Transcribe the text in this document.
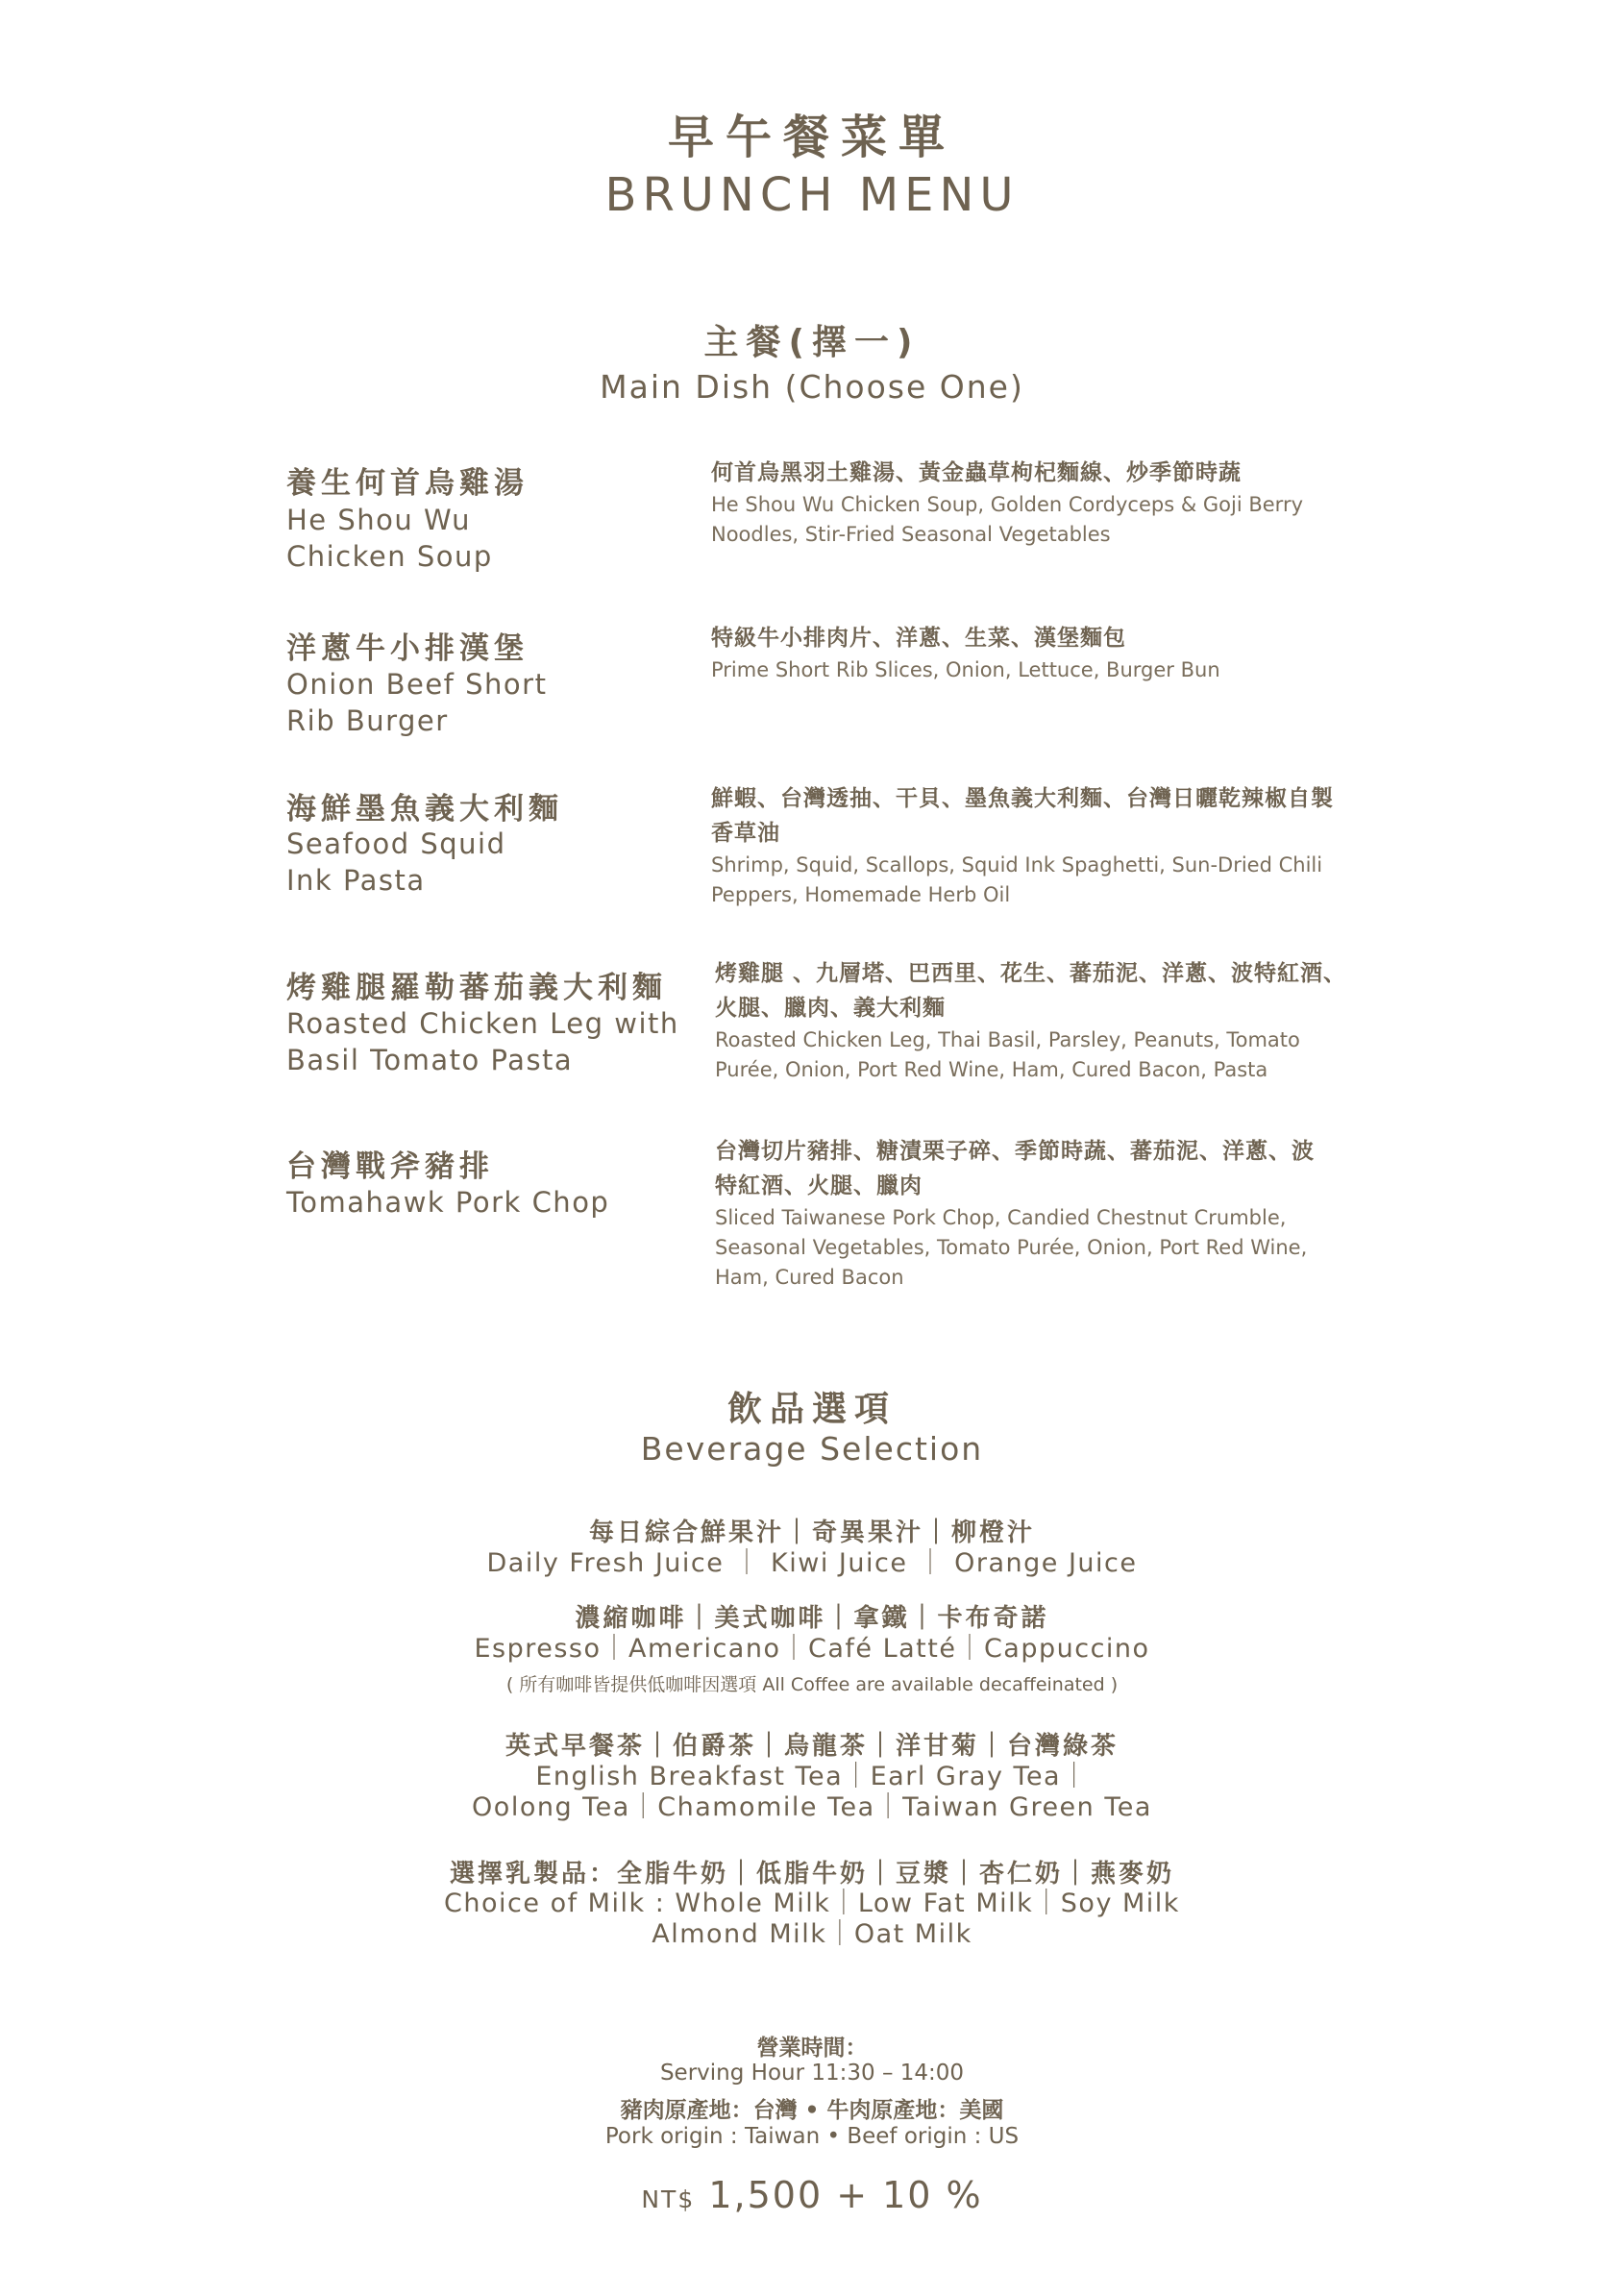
早午餐菜單
BRUNCH MENU
主餐(擇一)
Main Dish (Choose One)
養生何首烏雞湯
He Shou Wu Chicken Soup
何首烏黑羽土雞湯、黃金蟲草枸杞麵線、炒季節時蔬
He Shou Wu Chicken Soup, Golden Cordyceps & Goji Berry Noodles, Stir-Fried Seasonal Vegetables
洋蔥牛小排漢堡
Onion Beef Short Rib Burger
特級牛小排肉片、洋蔥、生菜、漢堡麵包
Prime Short Rib Slices, Onion, Lettuce, Burger Bun
海鮮墨魚義大利麵
Seafood Squid Ink Pasta
鮮蝦、台灣透抽、干貝、墨魚義大利麵、台灣日曬乾辣椒自製香草油
Shrimp, Squid, Scallops, Squid Ink Spaghetti, Sun-Dried Chili Peppers, Homemade Herb Oil
烤雞腿羅勒蕃茄義大利麵
Roasted Chicken Leg with Basil Tomato Pasta
烤雞腿 、九層塔、巴西里、花生、蕃茄泥、洋蔥、波特紅酒、火腿、臘肉、義大利麵
Roasted Chicken Leg, Thai Basil, Parsley, Peanuts, Tomato Purée, Onion, Port Red Wine, Ham, Cured Bacon, Pasta
台灣戰斧豬排
Tomahawk Pork Chop
台灣切片豬排、糖漬栗子碎、季節時蔬、蕃茄泥、洋蔥、波特紅酒、火腿、臘肉
Sliced Taiwanese Pork Chop, Candied Chestnut Crumble, Seasonal Vegetables, Tomato Purée, Onion, Port Red Wine, Ham, Cured Bacon
飲品選項
Beverage Selection
每日綜合鮮果汁｜奇異果汁｜柳橙汁
Daily Fresh Juice ｜ Kiwi Juice ｜ Orange Juice
濃縮咖啡｜美式咖啡｜拿鐵｜卡布奇諾
Espresso｜Americano｜Café Latté｜Cappuccino
( 所有咖啡皆提供低咖啡因選項 All Coffee are available decaffeinated )
英式早餐茶｜伯爵茶｜烏龍茶｜洋甘菊｜台灣綠茶
English Breakfast Tea｜Earl Gray Tea｜
Oolong Tea｜Chamomile Tea｜Taiwan Green Tea
選擇乳製品：全脂牛奶｜低脂牛奶｜豆漿｜杏仁奶｜燕麥奶
Choice of Milk : Whole Milk｜Low Fat Milk｜Soy Milk
Almond Milk｜Oat Milk
營業時間：
Serving Hour 11:30 – 14:00
豬肉原產地：台灣 • 牛肉原產地：美國
Pork origin : Taiwan • Beef origin : US
NT$ 1,500 + 10 %
